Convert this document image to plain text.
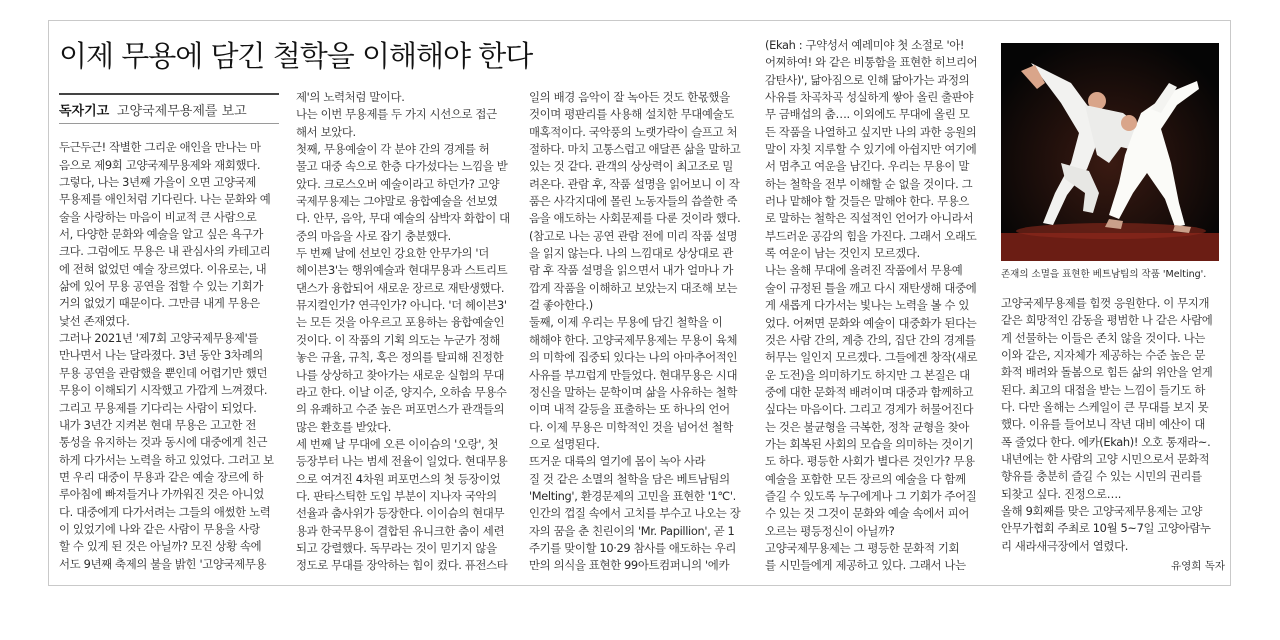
이제 무용에 담긴 철학을 이해해야 한다
독자기고 고양국제무용제를 보고
두근두근! 작별한 그리운 애인을 만나는 마
음으로 제9회 고양국제무용제와 재회했다.
그렇다, 나는 3년째 가을이 오면 고양국제
무용제를 애인처럼 기다린다. 나는 문화와 예
술을 사랑하는 마음이 비교적 큰 사람으로
서, 다양한 문화와 예술을 알고 싶은 욕구가
크다. 그럼에도 무용은 내 관심사의 카테고리
에 전혀 없었던 예술 장르였다. 이유로는, 내
삶에 있어 무용 공연을 접할 수 있는 기회가
거의 없었기 때문이다. 그만큼 내게 무용은
낯선 존재였다.
그러나 2021년 '제7회 고양국제무용제'를
만나면서 나는 달라졌다. 3년 동안 3차례의
무용 공연을 관람했을 뿐인데 어렵기만 했던
무용이 이해되기 시작했고 가깝게 느껴졌다.
그리고 무용제를 기다리는 사람이 되었다.
내가 3년간 지켜본 현대 무용은 고고한 전
통성을 유지하는 것과 동시에 대중에게 친근
하게 다가서는 노력을 하고 있었다. 그러고 보
면 우리 대중이 무용과 같은 예술 장르에 하
루아침에 빠져들거나 가까워진 것은 아니었
다. 대중에게 다가서려는 그들의 애썼한 노력
이 있었기에 나와 같은 사람이 무용을 사랑
할 수 있게 된 것은 아닐까? 모진 상황 속에
서도 9년째 축제의 불을 밝힌 '고양국제무용
제'의 노력처럼 말이다.
나는 이번 무용제를 두 가지 시선으로 접근
해서 보았다.
첫째, 무용예술이 각 분야 간의 경계를 허
물고 대중 속으로 한층 다가섰다는 느낌을 받
았다. 크로스오버 예술이라고 하던가? 고양
국제무용제는 그야말로 융합예술을 선보였
다. 안무, 음악, 무대 예술의 삼박자 화합이 대
중의 마음을 사로 잡기 충분했다.
두 번째 날에 선보인 강요한 안무가의 '더
헤이븐3'는 행위예술과 현대무용과 스트리트
댄스가 융합되어 새로운 장르로 재탄생했다.
뮤지컬인가? 연극인가? 아니다. '더 헤이븐3'
는 모든 것을 아우르고 포용하는 융합예술인
것이다. 이 작품의 기획 의도는 누군가 정해
놓은 규율, 규칙, 혹은 정의를 탈피해 진정한
나를 상상하고 찾아가는 새로운 실험의 무대
라고 한다. 이날 이준, 양지수, 오하솜 무용수
의 유쾌하고 수준 높은 퍼포먼스가 관객들의
많은 환호를 받았다.
세 번째 날 무대에 오른 이이슴의 '오랑', 첫
등장부터 나는 범세 전율이 일었다. 현대무용
으로 여겨진 4차원 퍼포먼스의 첫 등장이었
다. 판타스틱한 도입 부분이 지나자 국악의
선율과 춤사위가 등장한다. 이이슴의 현대무
용과 한국무용이 결합된 유니크한 춤이 세련
되고 강렬했다. 독무라는 것이 믿기지 않을
정도로 무대를 장악하는 힘이 컸다. 퓨전스타
일의 배경 음악이 잘 녹아든 것도 한몫했을
것이며 평판리를 사용해 설치한 무대예술도
매혹적이다. 국악풍의 노랫가락이 슬프고 처
절하다. 마치 고통스럽고 애달픈 삶을 말하고
있는 것 같다. 관객의 상상력이 최고조로 밀
려온다. 관람 후, 작품 설명을 읽어보니 이 작
품은 사각지대에 몰린 노동자들의 씁쓸한 죽
음을 애도하는 사회문제를 다룬 것이라 했다.
(참고로 나는 공연 관람 전에 미리 작품 설명
을 읽지 않는다. 나의 느낌대로 상상대로 관
람 후 작품 설명을 읽으면서 내가 얼마나 가
깝게 작품을 이해하고 보았는지 대조해 보는
걸 좋아한다.)
둘째, 이제 우리는 무용에 담긴 철학을 이
해해야 한다. 고양국제무용제는 무용이 육체
의 미학에 집중되 있다는 나의 아마추어적인
사유를 부끄럽게 만들었다. 현대무용은 시대
정신을 말하는 문학이며 삶을 사유하는 철학
이며 내적 갈등을 표출하는 또 하나의 언어
다. 이제 무용은 미학적인 것을 넘어선 철학
으로 설명된다.
뜨거운 대륙의 열기에 몸이 녹아 사라
질 것 같은 소멸의 철학을 담은 베트남팀의
'Melting', 환경문제의 고민을 표현한 '1℃'.
인간의 껍질 속에서 고치를 부수고 나오는 장
자의 꿈을 춘 친린이의 'Mr. Papillion', 곧 1
주기를 맞이할 10·29 참사를 애도하는 우리
만의 의식을 표현한 99아트컴퍼니의 '에카
(Ekah : 구약성서 예레미야 첫 소절로 '아!
어찌하여! 와 같은 비통함을 표현한 히브리어
감탄사)', 닮아짐으로 인해 닮아가는 과정의
사유를 차곡차곡 성실하게 쌓아 올린 출판야
무 금배섭의 춤…. 이외에도 무대에 올린 모
든 작품을 나열하고 싶지만 나의 과한 응원의
말이 자칫 지루할 수 있기에 아쉽지만 여기에
서 멈추고 여운을 남긴다. 우리는 무용이 말
하는 철학을 전부 이해할 순 없을 것이다. 그
러나 맡해야 할 것들은 말해야 한다. 무용으
로 말하는 철학은 직설적인 언어가 아니라서
부드러운 공감의 힘을 가진다. 그래서 오래도
록 여운이 남는 것인지 모르겠다.
나는 올해 무대에 올려진 작품에서 무용예
술이 규정된 틀을 깨고 다시 재탄생해 대중에
게 새롭게 다가서는 빛나는 노력을 볼 수 있
었다. 어쩌면 문화와 예술이 대중화가 된다는
것은 사람 간의, 계층 간의, 집단 간의 경계를
허무는 일인지 모르겠다. 그들에겐 창작(새로
운 도전)을 의미하기도 하지만 그 본질은 대
중에 대한 문화적 배려이며 대중과 함께하고
싶다는 마음이다. 그리고 경계가 허물어진다
는 것은 불균형을 극복한, 정착 균형을 찾아
가는 회복된 사회의 모습을 의미하는 것이기
도 하다. 평등한 사회가 별다른 것인가? 무용
예술을 포함한 모든 장르의 예술을 다 함께
즐길 수 있도록 누구에게나 그 기회가 주어질
수 있는 것 그것이 문화와 예술 속에서 피어
오르는 평등정신이 아닐까?
고양국제무용제는 그 평등한 문화적 기회
를 시민들에게 제공하고 있다. 그래서 나는
고양국제무용제를 힘껏 응원한다. 이 무지개
같은 희망적인 감동을 평범한 나 같은 사람에
게 선물하는 이들은 존치 않을 것이다. 나는
이와 같은, 지자체가 제공하는 수준 높은 문
화적 배려와 돌봄으로 힘든 삶의 위안을 얻게
된다. 최고의 대접을 받는 느낌이 들기도 하
다. 다만 올해는 스케일이 큰 무대를 보지 못
했다. 이유를 들어보니 작년 대비 예산이 대
폭 줄었다 한다. 에카(Ekah)! 오호 통재라~.
내년에는 한 사람의 고양 시민으로서 문화적
향유를 충분히 즐길 수 있는 시민의 권리를
되찾고 싶다. 진정으로….
올해 9회째를 맞은 고양국제무용제는 고양
안무가협회 주최로 10월 5~7일 고양아람누
리 새라새극장에서 열렸다.
존재의 소멸을 표현한 베트남팀의 작품 'Melting'.
유영희 독자
